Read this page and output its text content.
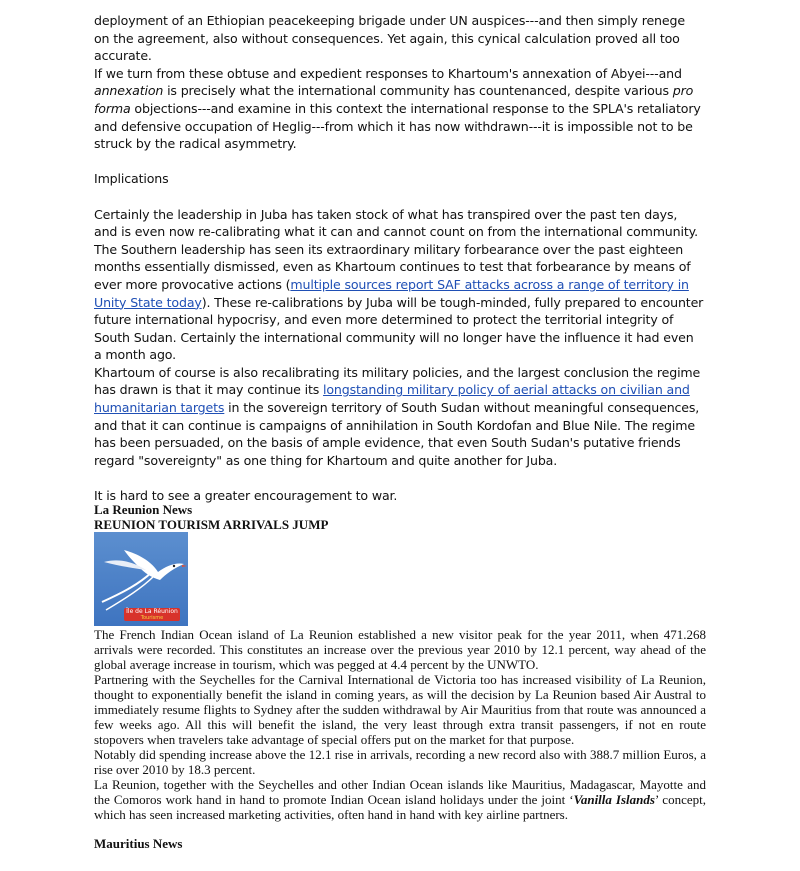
deployment of an Ethiopian peacekeeping brigade under UN auspices---and then simply renege on the agreement, also without consequences. Yet again, this cynical calculation proved all too accurate.

If we turn from these obtuse and expedient responses to Khartoum's annexation of Abyei---and annexation is precisely what the international community has countenanced, despite various pro forma objections---and examine in this context the international response to the SPLA's retaliatory and defensive occupation of Heglig---from which it has now withdrawn---it is impossible not to be struck by the radical asymmetry.

Implications

Certainly the leadership in Juba has taken stock of what has transpired over the past ten days, and is even now re-calibrating what it can and cannot count on from the international community. The Southern leadership has seen its extraordinary military forbearance over the past eighteen months essentially dismissed, even as Khartoum continues to test that forbearance by means of ever more provocative actions (multiple sources report SAF attacks across a range of territory in Unity State today). These re-calibrations by Juba will be tough-minded, fully prepared to encounter future international hypocrisy, and even more determined to protect the territorial integrity of South Sudan. Certainly the international community will no longer have the influence it had even a month ago.

Khartoum of course is also recalibrating its military policies, and the largest conclusion the regime has drawn is that it may continue its longstanding military policy of aerial attacks on civilian and humanitarian targets in the sovereign territory of South Sudan without meaningful consequences, and that it can continue is campaigns of annihilation in South Kordofan and Blue Nile. The regime has been persuaded, on the basis of ample evidence, that even South Sudan's putative friends regard "sovereignty" as one thing for Khartoum and quite another for Juba.

It is hard to see a greater encouragement to war.

La Reunion News

REUNION TOURISM ARRIVALS JUMP

Île de La Réunion
Tourisme

The French Indian Ocean island of La Reunion established a new visitor peak for the year 2011, when 471.268 arrivals were recorded. This constitutes an increase over the previous year 2010 by 12.1 percent, way ahead of the global average increase in tourism, which was pegged at 4.4 percent by the UNWTO.

Partnering with the Seychelles for the Carnival International de Victoria too has increased visibility of La Reunion, thought to exponentially benefit the island in coming years, as will the decision by La Reunion based Air Austral to immediately resume flights to Sydney after the sudden withdrawal by Air Mauritius from that route was announced a few weeks ago. All this will benefit the island, the very least through extra transit passengers, if not en route stopovers when travelers take advantage of special offers put on the market for that purpose.

Notably did spending increase above the 12.1 rise in arrivals, recording a new record also with 388.7 million Euros, a rise over 2010 by 18.3 percent.

La Reunion, together with the Seychelles and other Indian Ocean islands like Mauritius, Madagascar, Mayotte and the Comoros work hand in hand to promote Indian Ocean island holidays under the joint ‘Vanilla Islands’ concept, which has seen increased marketing activities, often hand in hand with key airline partners.

Mauritius News
